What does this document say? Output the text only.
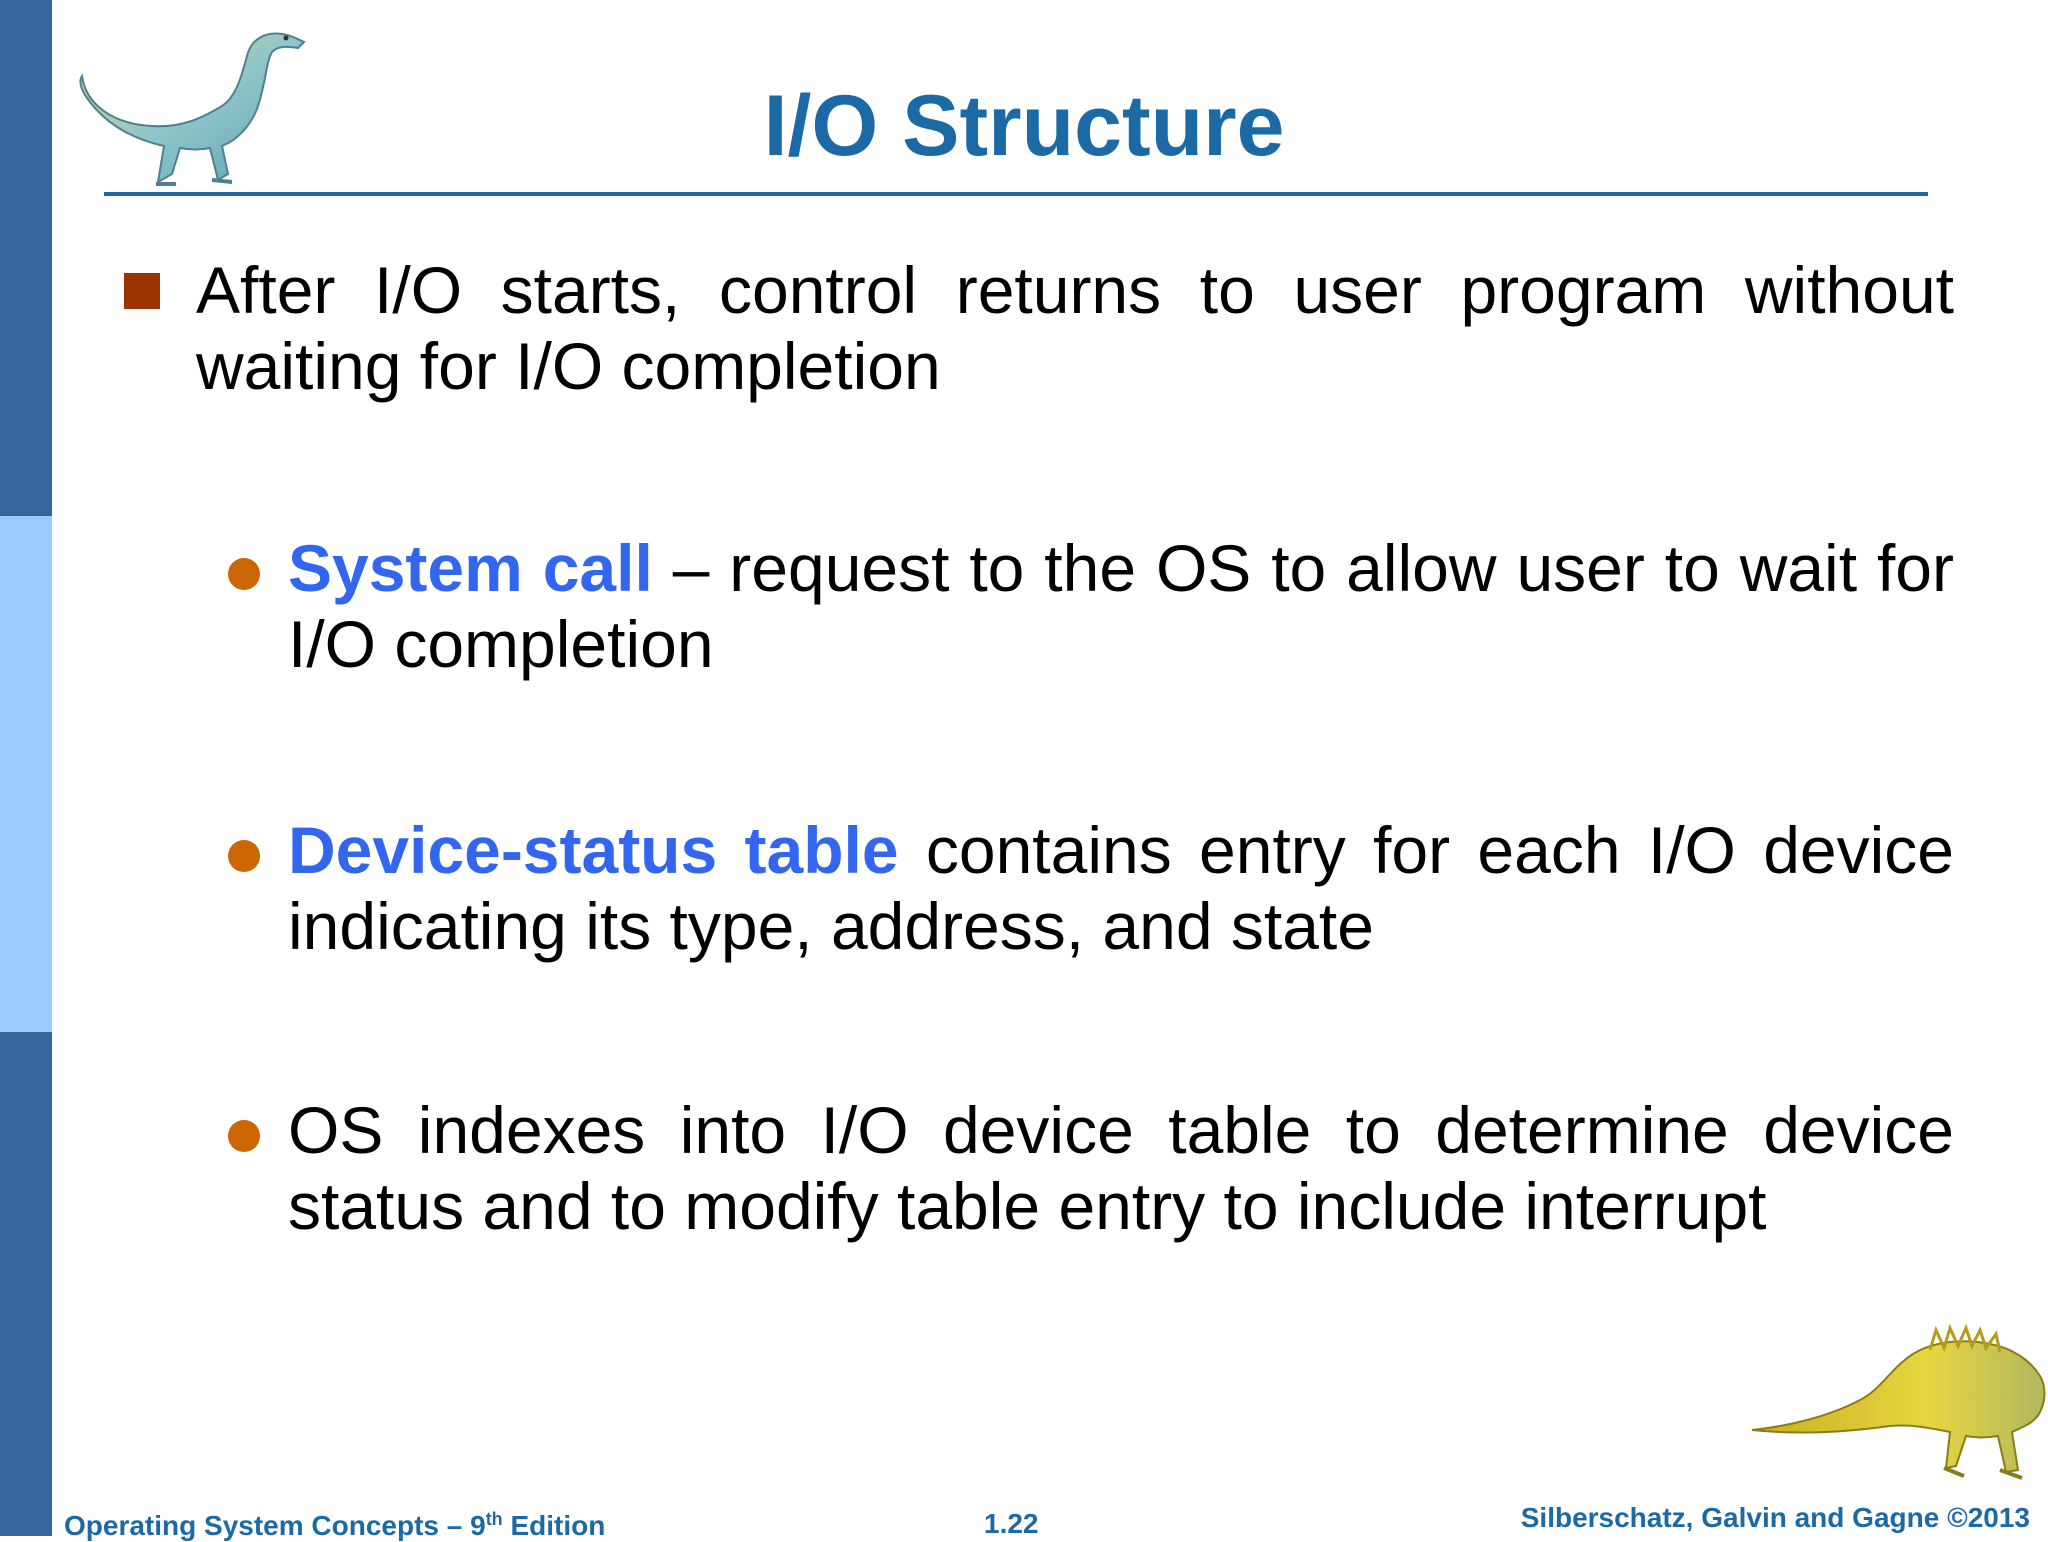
I/O Structure
After I/O starts, control returns to user program without waiting for I/O completion
System call – request to the OS to allow user to wait for I/O completion
Device-status table contains entry for each I/O device indicating its type, address, and state
OS indexes into I/O device table to determine device status and to modify table entry to include interrupt
Operating System Concepts – 9th Edition	1.22	Silberschatz, Galvin and Gagne ©2013
